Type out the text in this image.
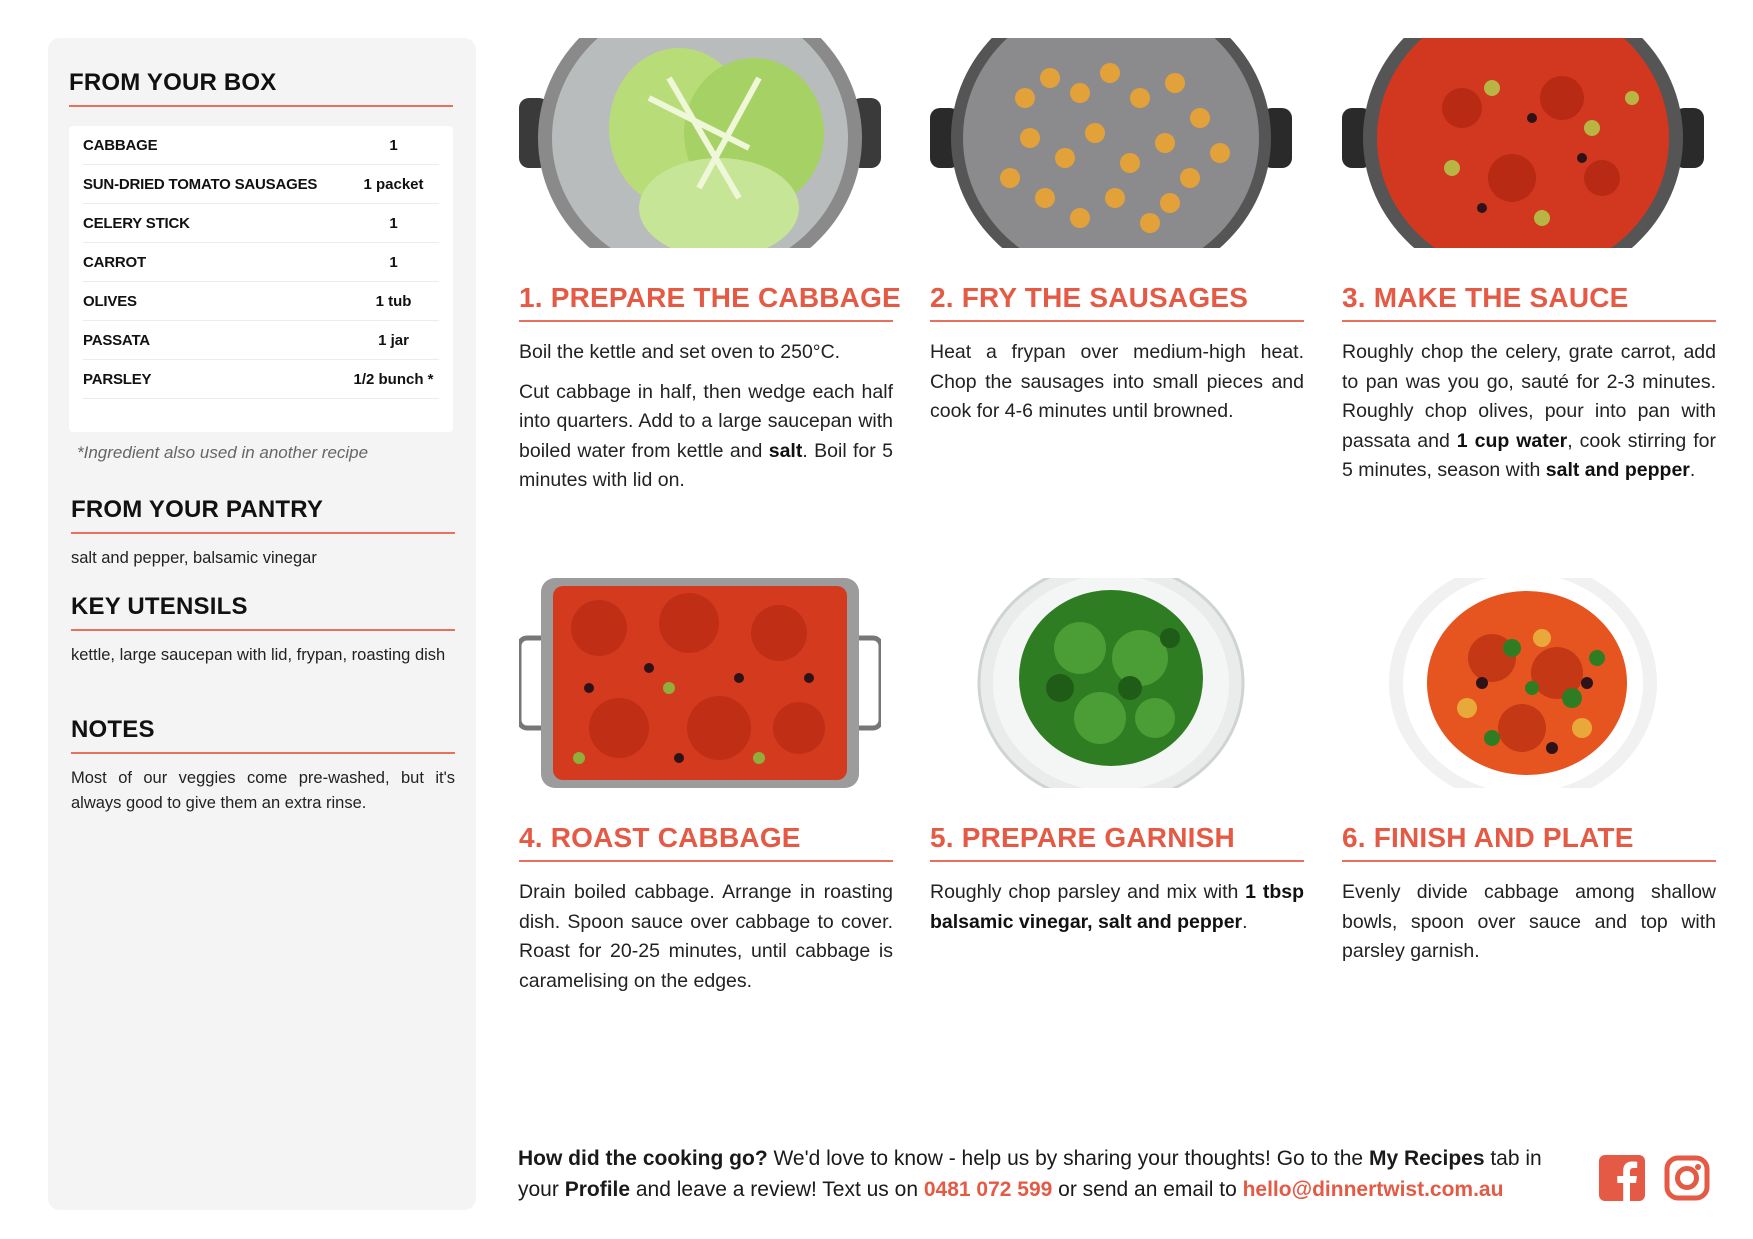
FROM YOUR BOX
CABBAGE	1
SUN-DRIED TOMATO SAUSAGES	1 packet
CELERY STICK	1
CARROT	1
OLIVES	1 tub
PASSATA	1 jar
PARSLEY	1/2 bunch *
*Ingredient also used in another recipe
FROM YOUR PANTRY
salt and pepper, balsamic vinegar
KEY UTENSILS
kettle, large saucepan with lid, frypan, roasting dish
NOTES
Most of our veggies come pre-washed, but it's always good to give them an extra rinse.
1. PREPARE THE CABBAGE

Boil the kettle and set oven to 250°C.

Cut cabbage in half, then wedge each half into quarters. Add to a large saucepan with boiled water from kettle and salt. Boil for 5 minutes with lid on.

2. FRY THE SAUSAGES

Heat a frypan over medium-high heat. Chop the sausages into small pieces and cook for 4-6 minutes until browned.

3. MAKE THE SAUCE

Roughly chop the celery, grate carrot, add to pan was you go, sauté for 2-3 minutes. Roughly chop olives, pour into pan with passata and 1 cup water, cook stirring for 5 minutes, season with salt and pepper.

4. ROAST CABBAGE

Drain boiled cabbage. Arrange in roasting dish. Spoon sauce over cabbage to cover. Roast for 20-25 minutes, until cabbage is caramelising on the edges.

5. PREPARE GARNISH

Roughly chop parsley and mix with 1 tbsp balsamic vinegar, salt and pepper.

6. FINISH AND PLATE

Evenly divide cabbage among shallow bowls, spoon over sauce and top with parsley garnish.

How did the cooking go? We'd love to know - help us by sharing your thoughts! Go to the My Recipes tab in your Profile and leave a review! Text us on 0481 072 599 or send an email to hello@dinnertwist.com.au
